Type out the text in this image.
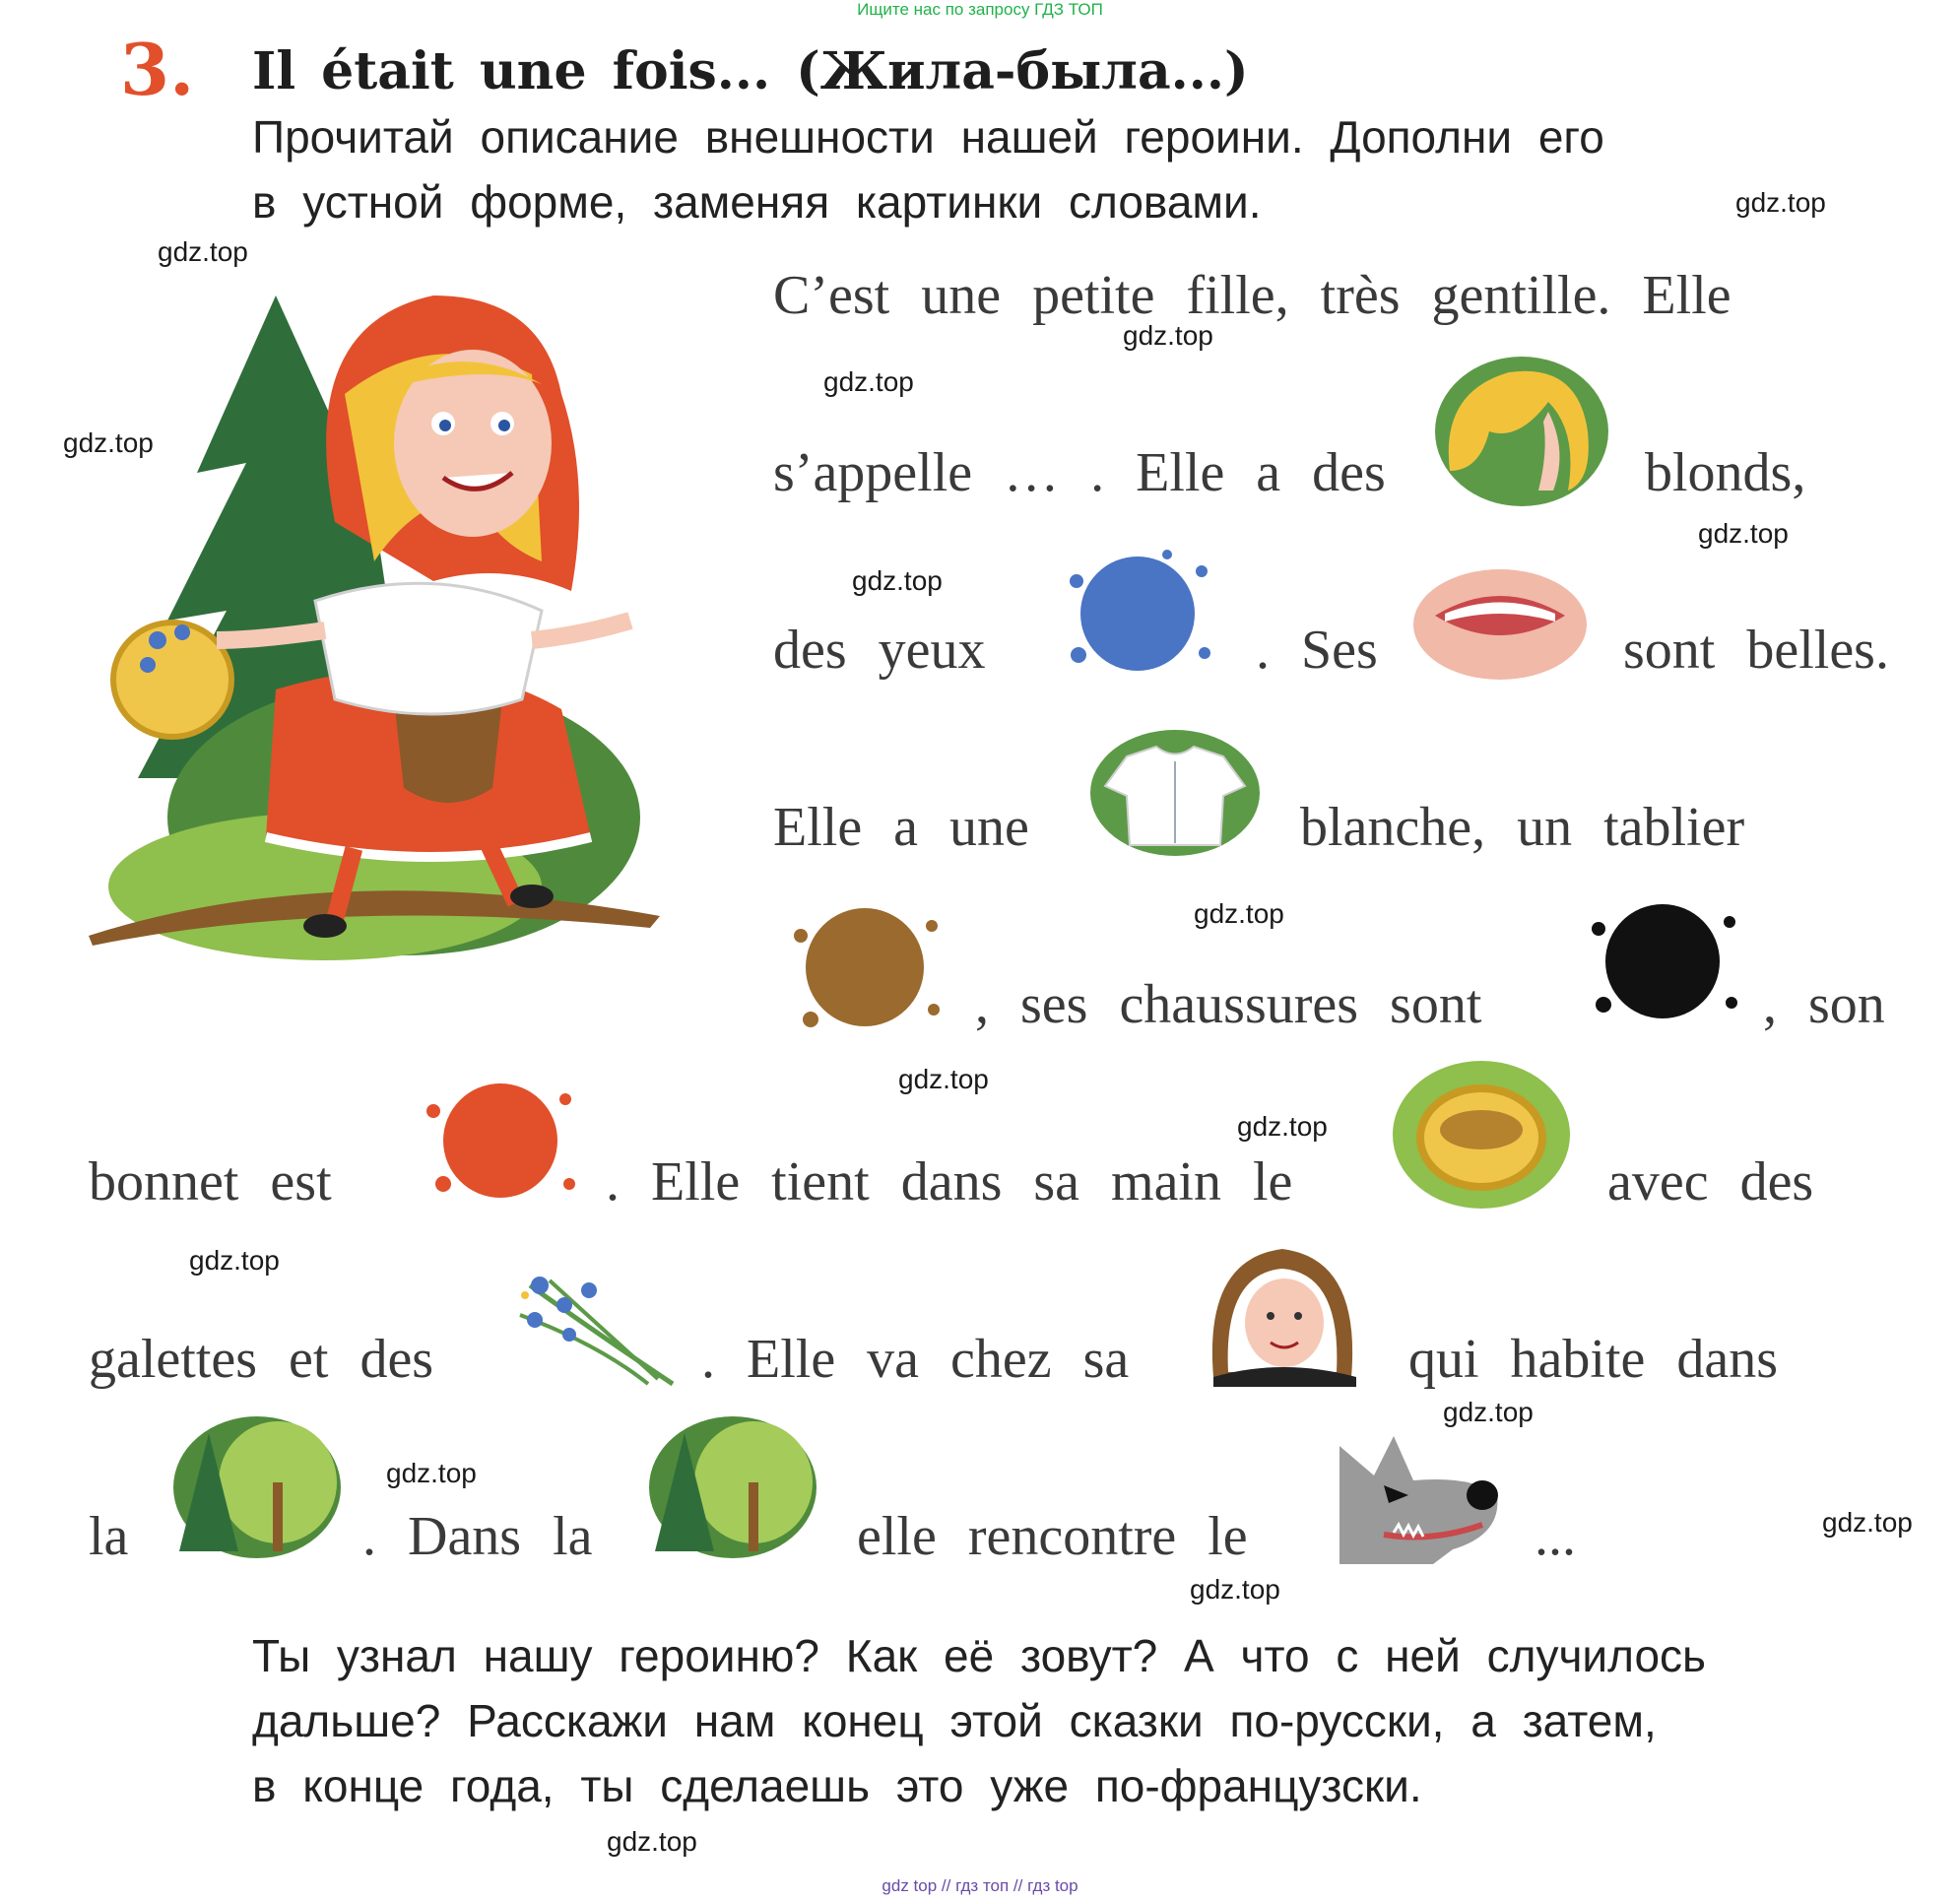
Ищите нас по запросу ГДЗ ТОП
gdz top // гдз топ // гдз top
3. Il était une fois... (Жила-была...)
Прочитай описание внешности нашей героини. Дополни его
в устной форме, заменяя картинки словами.
C’est une petite fille, très gentille. Elle
s’appelle … . Elle a des	blonds,
des yeux	. Ses	sont belles.
Elle a une	blanche, un tablier
, ses chaussures sont	, son
bonnet est	. Elle tient dans sa main le	avec des
galettes et des	. Elle va chez sa	qui habite dans
la	. Dans la	elle rencontre le	...
Ты узнал нашу героиню? Как её зовут? А что с ней случилось
дальше? Расскажи нам конец этой сказки по-русски, а затем,
в конце года, ты сделаешь это уже по-французски.
gdz.top
gdz.top
gdz.top
gdz.top
gdz.top
gdz.top
gdz.top
gdz.top
gdz.top
gdz.top
gdz.top
gdz.top
gdz.top
gdz.top
gdz.top
gdz.top
